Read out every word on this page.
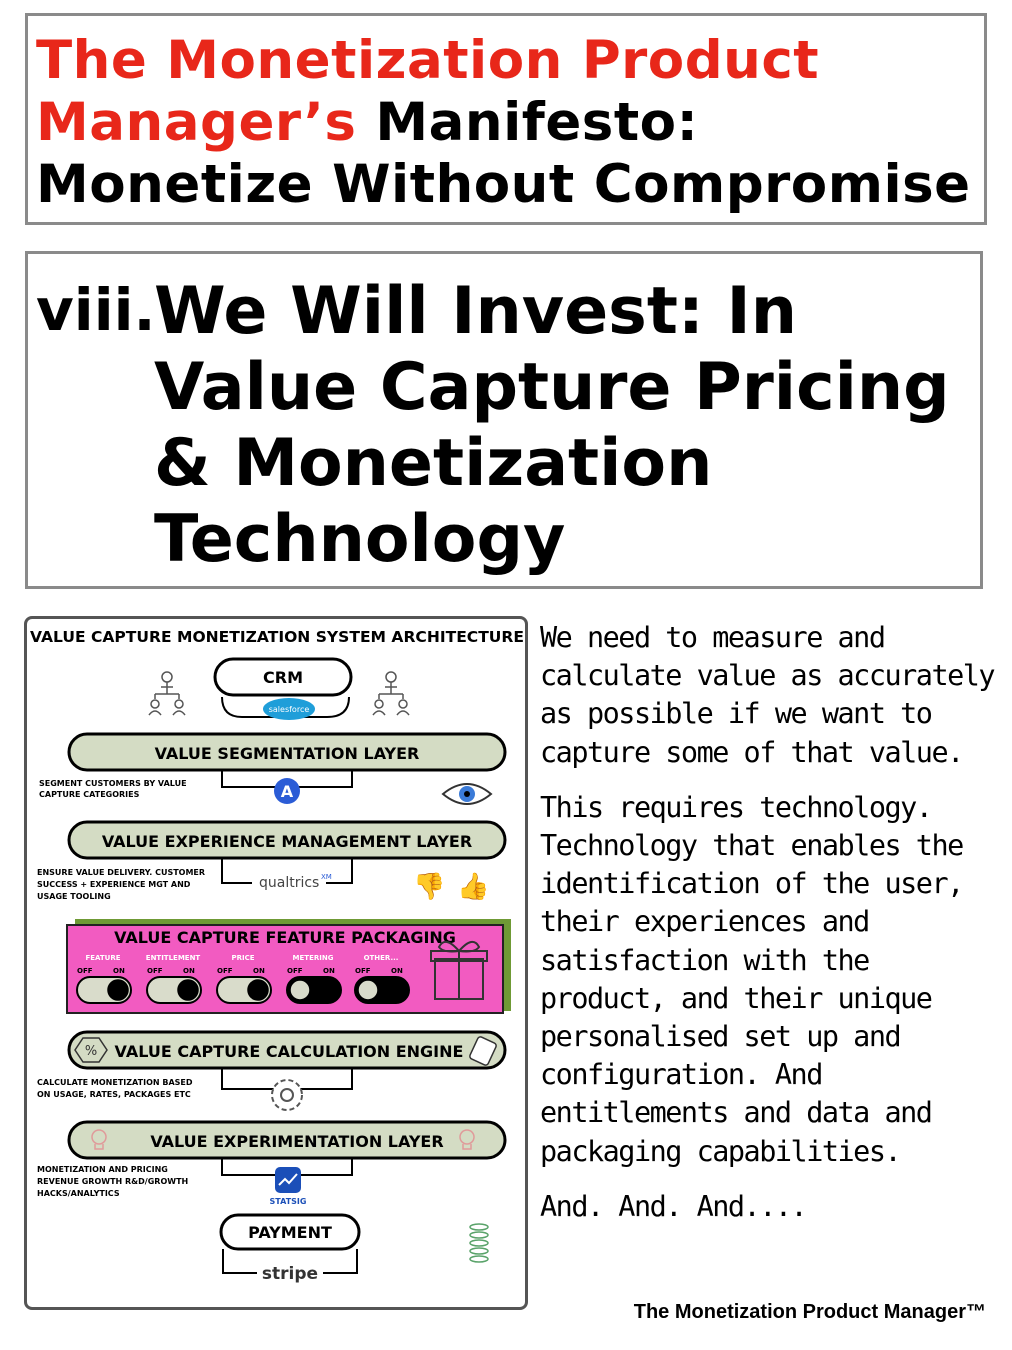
The Monetization Product Manager’s Manifesto:
Monetize Without Compromise
viii.
We Will Invest: In Value Capture Pricing & Monetization Technology
VALUE CAPTURE MONETIZATION SYSTEM ARCHITECTURE
CRM
salesforce
VALUE SEGMENTATION LAYER
A
SEGMENT CUSTOMERS BY VALUE
CAPTURE CATEGORIES
VALUE EXPERIENCE MANAGEMENT LAYER
qualtrics XM
ENSURE VALUE DELIVERY. CUSTOMER
SUCCESS + EXPERIENCE MGT AND
USAGE TOOLING	👎 👍
VALUE CAPTURE FEATURE PACKAGING
FEATURE
OFF	ON
ENTITLEMENT
OFF	ON
PRICE
OFF	ON
METERING
OFF	ON
OTHER...
OFF	ON
VALUE CAPTURE CALCULATION ENGINE
%
CALCULATE MONETIZATION BASED
ON USAGE, RATES, PACKAGES ETC
VALUE EXPERIMENTATION LAYER
STATSIG
MONETIZATION AND PRICING
REVENUE GROWTH R&D/GROWTH
HACKS/ANALYTICS
PAYMENT
stripe

We need to measure and calculate value as accurately as possible if we want to capture some of that value.

This requires technology. Technology that enables the identification of the user, their experiences and satisfaction with the product, and their unique personalised set up and configuration. And entitlements and data and packaging capabilities.

And. And. And....

The Monetization Product Manager™
